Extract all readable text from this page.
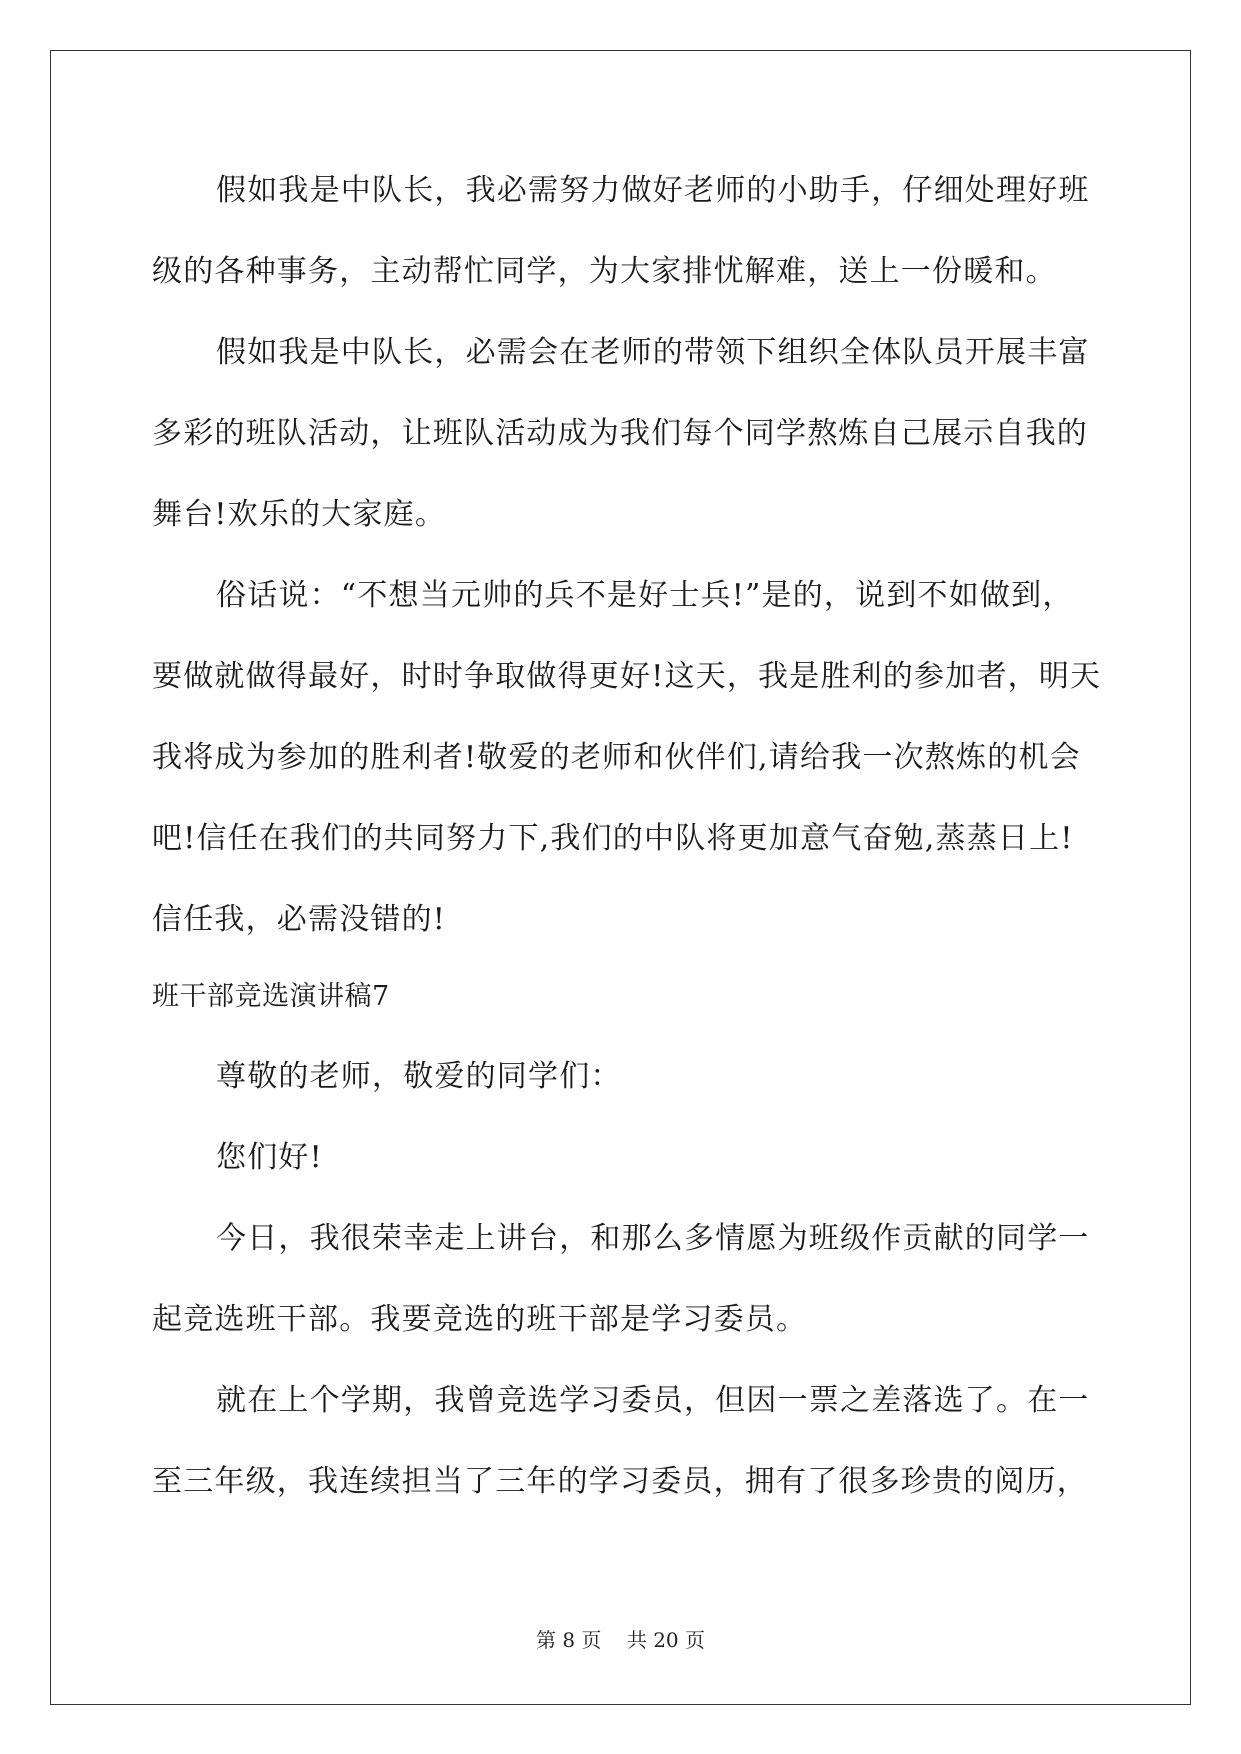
假如我是中队长，我必需努力做好老师的小助手，仔细处理好班
级的各种事务，主动帮忙同学，为大家排忧解难，送上一份暖和。
假如我是中队长，必需会在老师的带领下组织全体队员开展丰富
多彩的班队活动，让班队活动成为我们每个同学熬炼自己展示自我的
舞台!欢乐的大家庭。
俗话说：“不想当元帅的兵不是好士兵!”是的，说到不如做到，
要做就做得最好，时时争取做得更好!这天，我是胜利的参加者，明天
我将成为参加的胜利者!敬爱的老师和伙伴们,请给我一次熬炼的机会
吧!信任在我们的共同努力下,我们的中队将更加意气奋勉,蒸蒸日上!
信任我，必需没错的!
班干部竞选演讲稿7
尊敬的老师，敬爱的同学们：
您们好!
今日，我很荣幸走上讲台，和那么多情愿为班级作贡献的同学一
起竞选班干部。我要竞选的班干部是学习委员。
就在上个学期，我曾竞选学习委员，但因一票之差落选了。在一
至三年级，我连续担当了三年的学习委员，拥有了很多珍贵的阅历，
第 8 页    共 20 页
